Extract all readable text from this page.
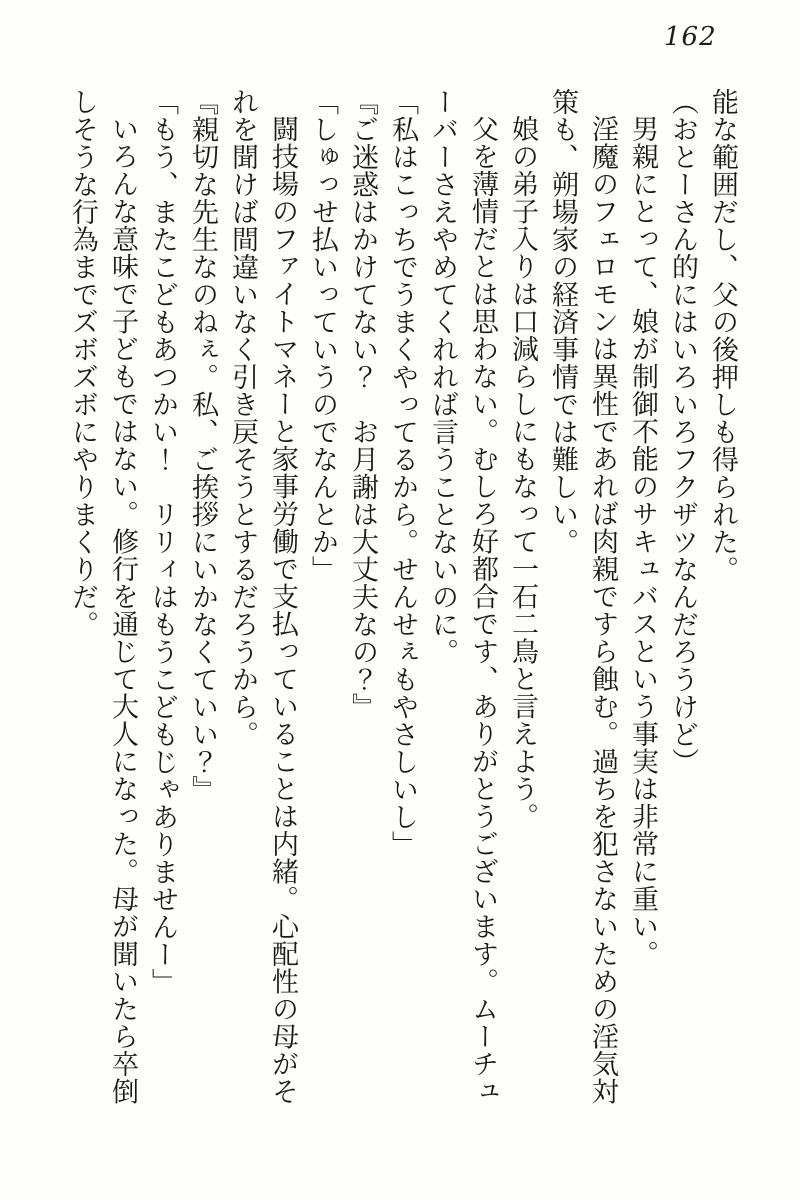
162

能な範囲だし、父の後押しも得られた。

（おとーさん的にはいろいろフクザツなんだろうけど）

男親にとって、娘が制御不能のサキュバスという事実は非常に重い。

淫魔のフェロモンは異性であれば肉親ですら蝕む。過ちを犯さないための淫気対策も、朔場家の経済事情では難しい。

娘の弟子入りは口減らしにもなって一石二鳥と言えよう。

父を薄情だとは思わない。むしろ好都合です、ありがとうございます。ムーチューバーさえやめてくれれば言うことないのに。

「私はこっちでうまくやってるから。せんせぇもやさしいし」

『ご迷惑はかけてない？　お月謝は大丈夫なの？』

「しゅっせ払いっていうのでなんとか」

闘技場のファイトマネーと家事労働で支払っていることは内緒。心配性の母がそれを聞けば間違いなく引き戻そうとするだろうから。

『親切な先生なのねぇ。私、ご挨拶にいかなくていい？』

「もう、またこどもあつかい！　リリィはもうこどもじゃありませんー」

いろんな意味で子どもではない。修行を通じて大人になった。母が聞いたら卒倒しそうな行為までズボズボにやりまくりだ。
